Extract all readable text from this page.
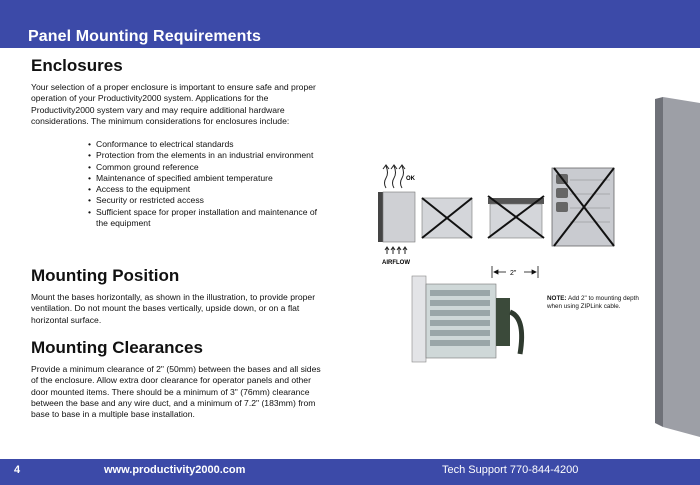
Panel Mounting Requirements
Enclosures
Your selection of a proper enclosure is important to ensure safe and proper operation of your Productivity2000 system. Applications for the Productivity2000 system vary and may require additional hardware considerations. The minimum considerations for enclosures include:
• Conformance to electrical standards
• Protection from the elements in an industrial environment
• Common ground reference
• Maintenance of specified ambient temperature
• Access to the equipment
• Security or restricted access
• Sufficient space for proper installation and maintenance of the equipment
Mounting Position
Mount the bases horizontally, as shown in the illustration, to provide proper ventilation. Do not mount the bases vertically, upside down, or on a flat horizontal surface.
Mounting Clearances
Provide a minimum clearance of 2" (50mm) between the bases and all sides of the enclosure. Allow extra door clearance for operator panels and other door mounted items. There should be a minimum of 3" (76mm) clearance between the base and any wire duct, and a minimum of 7.2" (183mm) from base to base in a multiple base installation.
OK
AIRFLOW
2"
NOTE: Add 2" to mounting depth when using ZIPLink cable.
4	www.productivity2000.com	Tech Support 770-844-4200
